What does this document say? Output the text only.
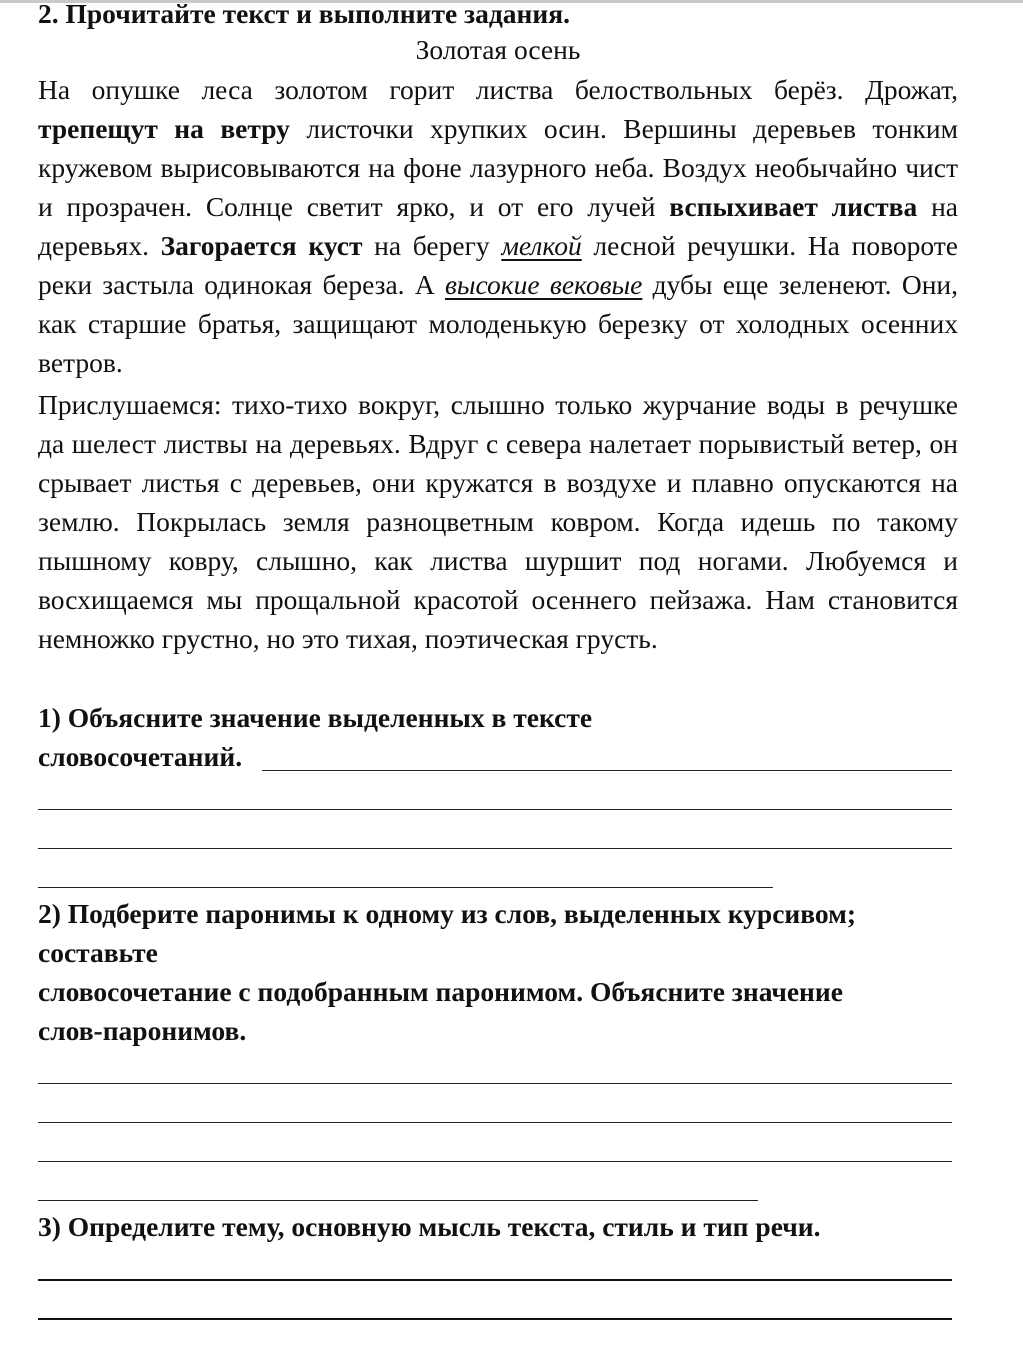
2. Прочитайте текст и выполните задания.
Золотая осень
На опушке леса золотом горит листва белоствольных берёз. Дрожат, трепещут на ветру листочки хрупких осин. Вершины деревьев тонким кружевом вырисовываются на фоне лазурного неба. Воздух необычайно чист и прозрачен. Солнце светит ярко, и от его лучей вспыхивает листва на деревьях. Загорается куст на берегу мелкой лесной речушки. На повороте реки застыла одинокая береза. А высокие вековые дубы еще зеленеют. Они, как старшие братья, защищают молоденькую березку от холодных осенних ветров.
Прислушаемся: тихо-тихо вокруг, слышно только журчание воды в речушке да шелест листвы на деревьях. Вдруг с севера налетает порывистый ветер, он срывает листья с деревьев, они кружатся в воздухе и плавно опускаются на землю. Покрылась земля разноцветным ковром. Когда идешь по такому пышному ковру, слышно, как листва шуршит под ногами. Любуемся и восхищаемся мы прощальной красотой осеннего пейзажа. Нам становится немножко грустно, но это тихая, поэтическая грусть.
1) Объясните значение выделенных в тексте
словосочетаний.
2) Подберите паронимы к одному из слов, выделенных курсивом;
составьте
словосочетание с подобранным паронимом. Объясните значение
слов-паронимов.
3) Определите тему, основную мысль текста, стиль и тип речи.
